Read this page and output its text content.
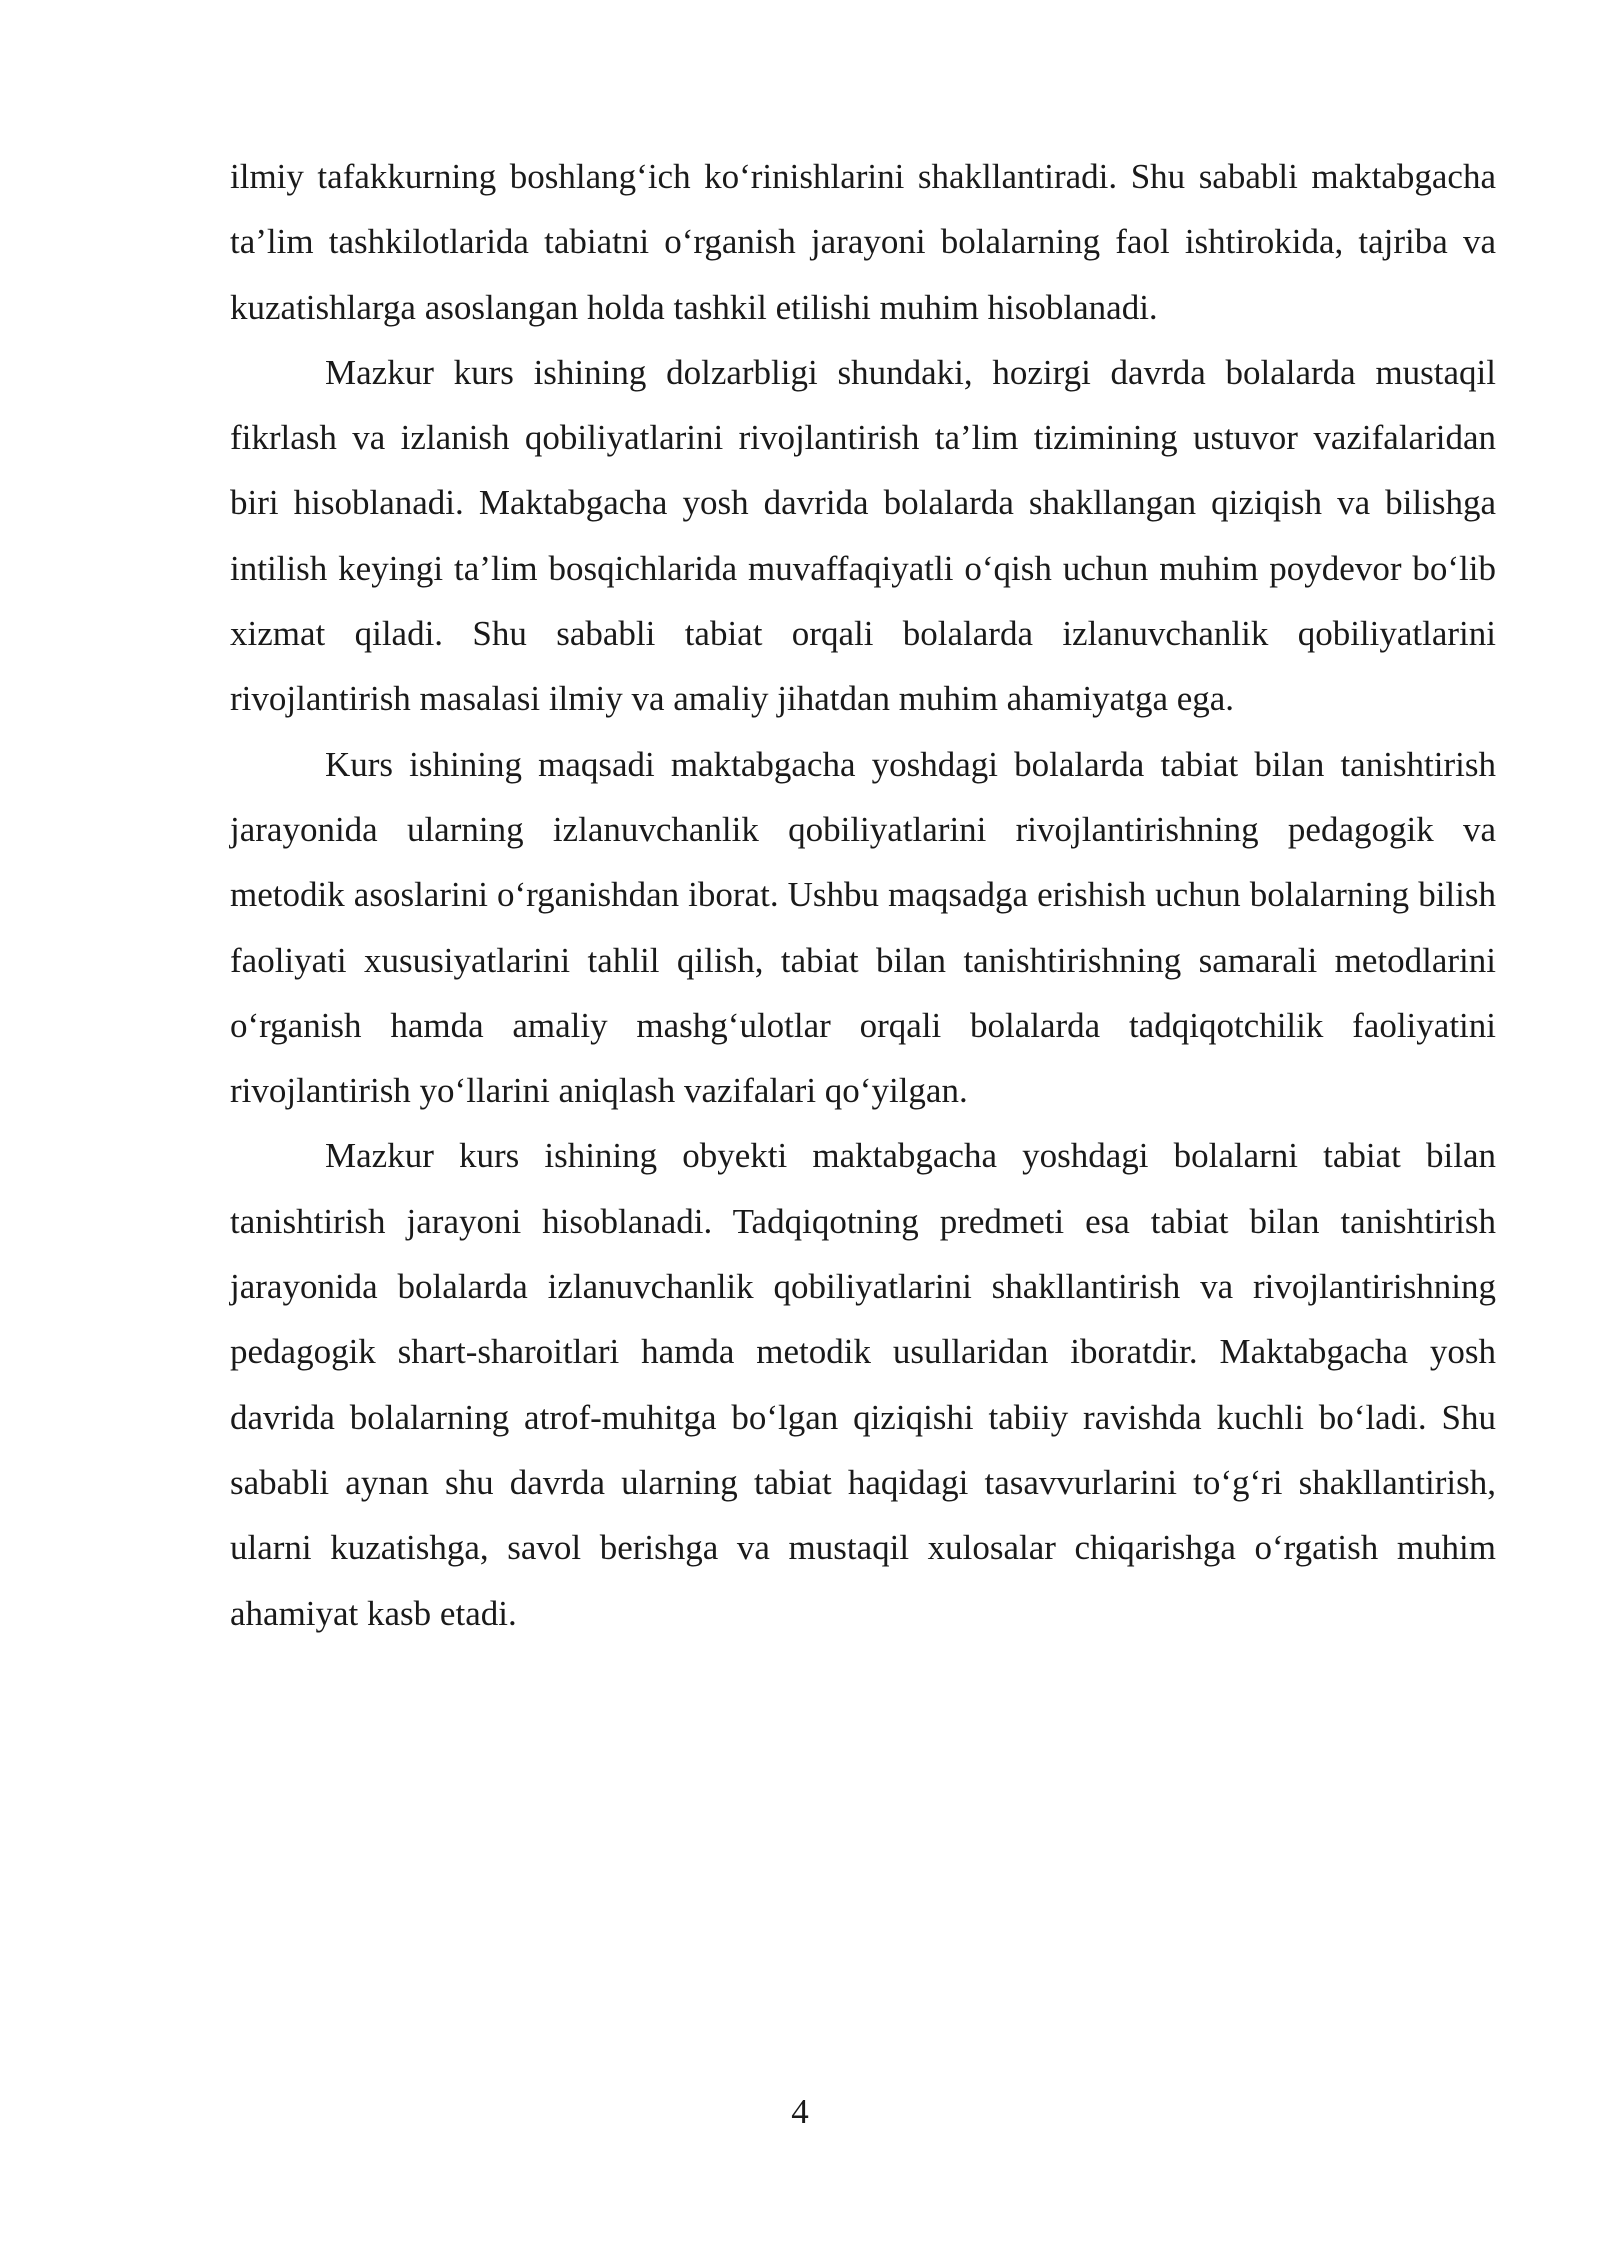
ilmiy tafakkurning boshlang‘ich ko‘rinishlarini shakllantiradi. Shu sababli maktabgacha ta’lim tashkilotlarida tabiatni o‘rganish jarayoni bolalarning faol ishtirokida, tajriba va kuzatishlarga asoslangan holda tashkil etilishi muhim hisoblanadi.

Mazkur kurs ishining dolzarbligi shundaki, hozirgi davrda bolalarda mustaqil fikrlash va izlanish qobiliyatlarini rivojlantirish ta’lim tizimining ustuvor vazifalaridan biri hisoblanadi. Maktabgacha yosh davrida bolalarda shakllangan qiziqish va bilishga intilish keyingi ta’lim bosqichlarida muvaffaqiyatli o‘qish uchun muhim poydevor bo‘lib xizmat qiladi. Shu sababli tabiat orqali bolalarda izlanuvchanlik qobiliyatlarini rivojlantirish masalasi ilmiy va amaliy jihatdan muhim ahamiyatga ega.

Kurs ishining maqsadi maktabgacha yoshdagi bolalarda tabiat bilan tanishtirish jarayonida ularning izlanuvchanlik qobiliyatlarini rivojlantirishning pedagogik va metodik asoslarini o‘rganishdan iborat. Ushbu maqsadga erishish uchun bolalarning bilish faoliyati xususiyatlarini tahlil qilish, tabiat bilan tanishtirishning samarali metodlarini o‘rganish hamda amaliy mashg‘ulotlar orqali bolalarda tadqiqotchilik faoliyatini rivojlantirish yo‘llarini aniqlash vazifalari qo‘yilgan.

Mazkur kurs ishining obyekti maktabgacha yoshdagi bolalarni tabiat bilan tanishtirish jarayoni hisoblanadi. Tadqiqotning predmeti esa tabiat bilan tanishtirish jarayonida bolalarda izlanuvchanlik qobiliyatlarini shakllantirish va rivojlantirishning pedagogik shart-sharoitlari hamda metodik usullaridan iboratdir. Maktabgacha yosh davrida bolalarning atrof-muhitga bo‘lgan qiziqishi tabiiy ravishda kuchli bo‘ladi. Shu sababli aynan shu davrda ularning tabiat haqidagi tasavvurlarini to‘g‘ri shakllantirish, ularni kuzatishga, savol berishga va mustaqil xulosalar chiqarishga o‘rgatish muhim ahamiyat kasb etadi.

4
